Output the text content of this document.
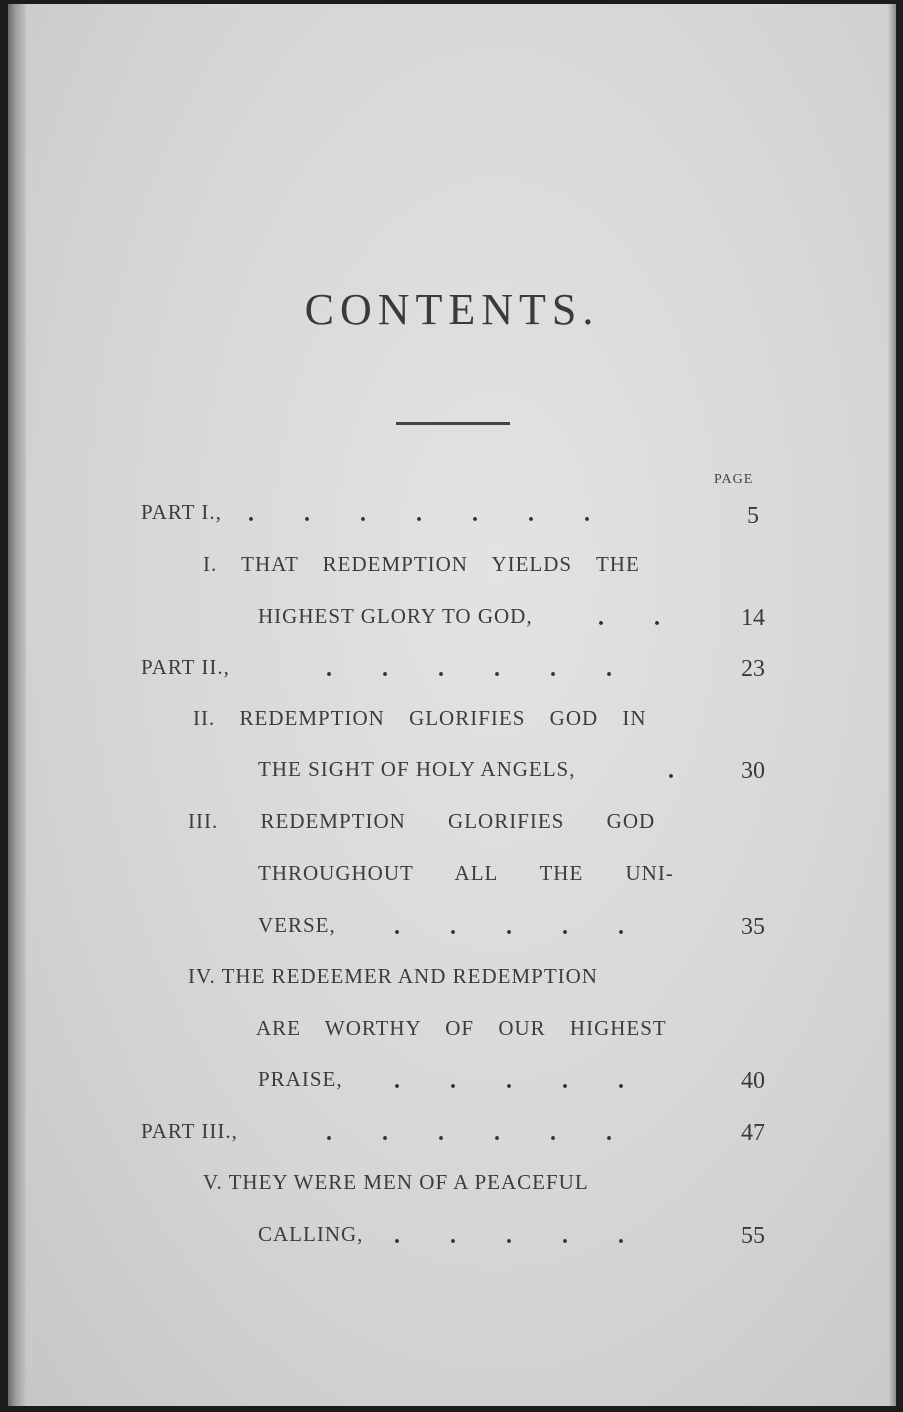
CONTENTS.
PAGE
PART I., . . . . . . .	5
I. THAT REDEMPTION YIELDS THE
HIGHEST GLORY TO GOD,	. .	14
PART II.,	. . . . . .	23
II. REDEMPTION GLORIFIES GOD IN
THE SIGHT OF HOLY ANGELS,	.	30
III. REDEMPTION GLORIFIES GOD
THROUGHOUT ALL THE UNI-
VERSE, . . . . .	35
IV. THE REDEEMER AND REDEMPTION
ARE WORTHY OF OUR HIGHEST
PRAISE, . . . . .	40
PART III.,	. . . . . .	47
V. THEY WERE MEN OF A PEACEFUL
CALLING, . . . . .	55
